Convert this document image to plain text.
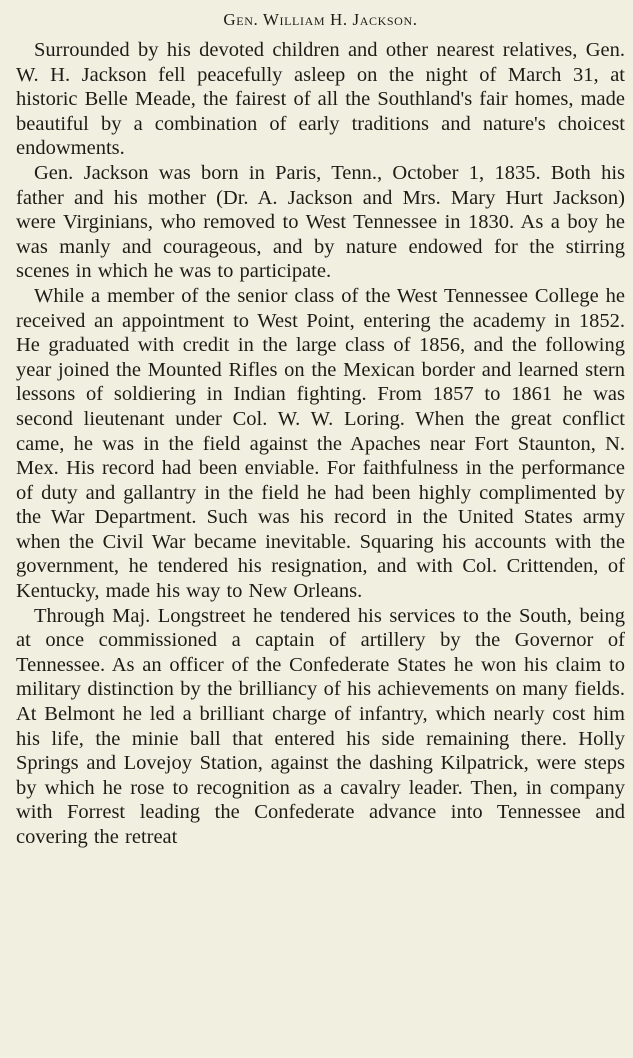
Gen. William H. Jackson.

Surrounded by his devoted children and other nearest relatives, Gen. W. H. Jackson fell peacefully asleep on the night of March 31, at historic Belle Meade, the fairest of all the Southland's fair homes, made beautiful by a combination of early traditions and nature's choicest endowments.

Gen. Jackson was born in Paris, Tenn., October 1, 1835. Both his father and his mother (Dr. A. Jackson and Mrs. Mary Hurt Jackson) were Virginians, who removed to West Tennessee in 1830. As a boy he was manly and courageous, and by nature endowed for the stirring scenes in which he was to participate.

While a member of the senior class of the West Tennessee College he received an appointment to West Point, entering the academy in 1852. He graduated with credit in the large class of 1856, and the following year joined the Mounted Rifles on the Mexican border and learned stern lessons of soldiering in Indian fighting. From 1857 to 1861 he was second lieutenant under Col. W. W. Loring. When the great conflict came, he was in the field against the Apaches near Fort Staunton, N. Mex. His record had been enviable. For faithfulness in the performance of duty and gallantry in the field he had been highly complimented by the War Department. Such was his record in the United States army when the Civil War became inevitable. Squaring his accounts with the government, he tendered his resignation, and with Col. Crittenden, of Kentucky, made his way to New Orleans.

Through Maj. Longstreet he tendered his services to the South, being at once commissioned a captain of artillery by the Governor of Tennessee. As an officer of the Confederate States he won his claim to military distinction by the brilliancy of his achievements on many fields. At Belmont he led a brilliant charge of infantry, which nearly cost him his life, the minie ball that entered his side remaining there. Holly Springs and Lovejoy Station, against the dashing Kilpatrick, were steps by which he rose to recognition as a cavalry leader. Then, in company with Forrest leading the Confederate advance into Tennessee and covering the retreat
